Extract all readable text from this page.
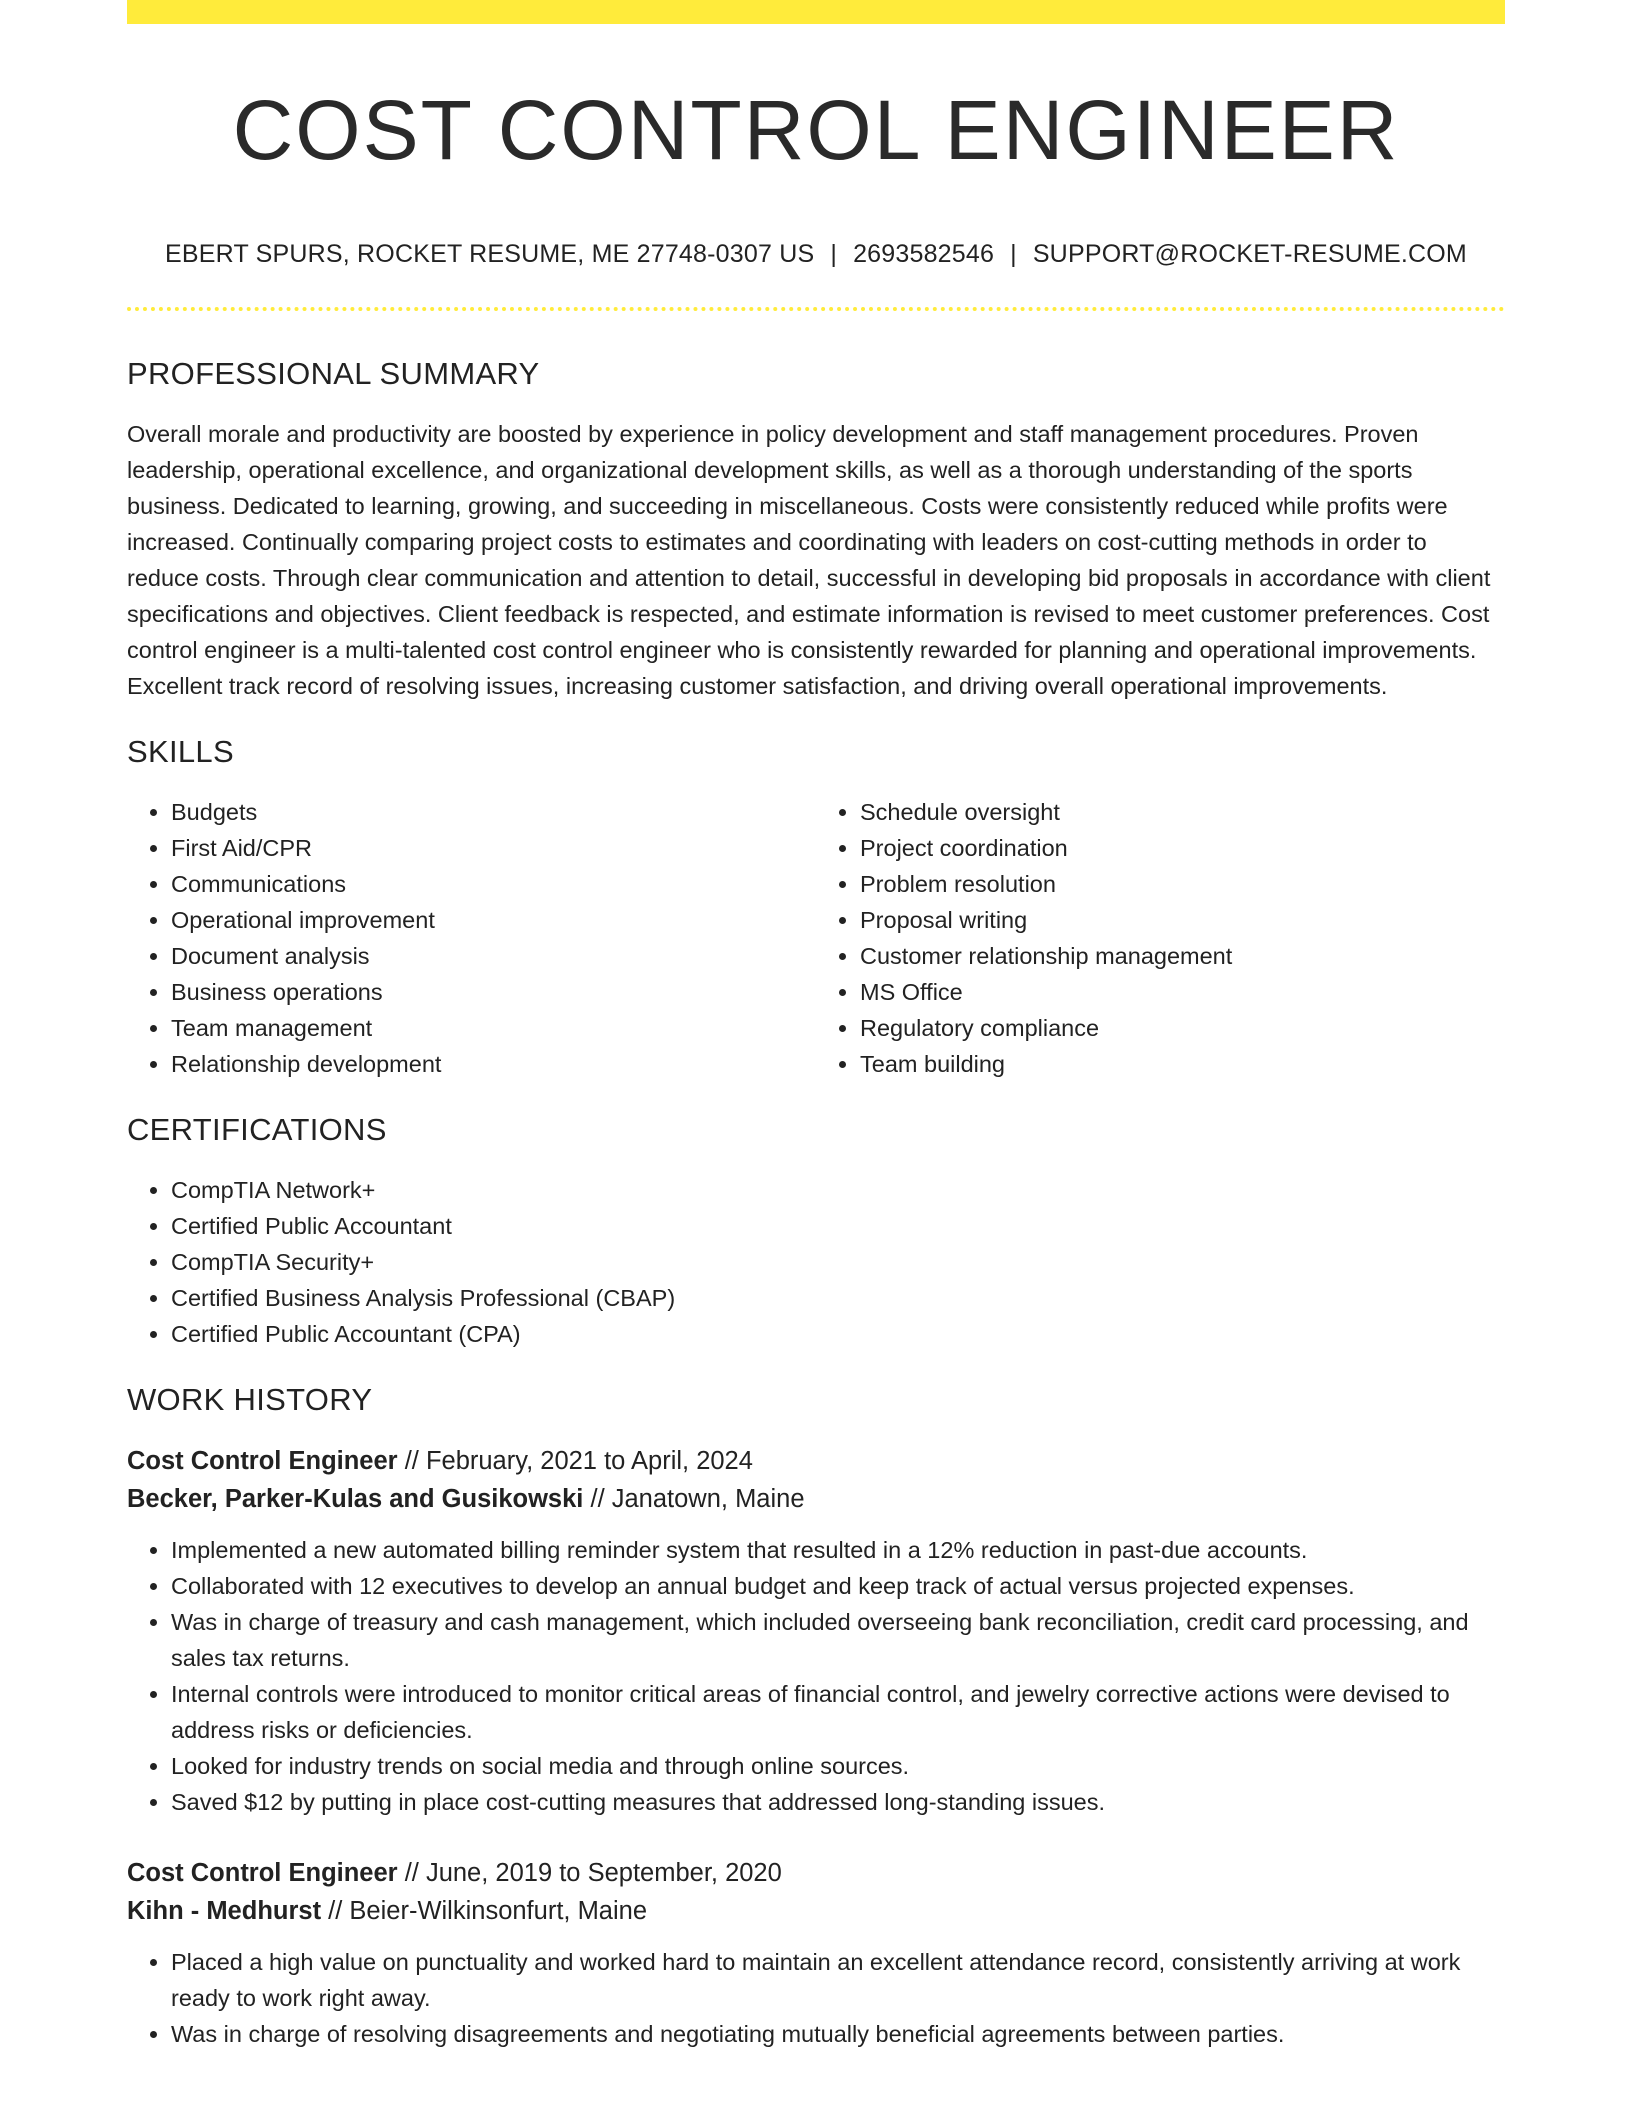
COST CONTROL ENGINEER
EBERT SPURS, ROCKET RESUME, ME 27748-0307 US | 2693582546 | SUPPORT@ROCKET-RESUME.COM
PROFESSIONAL SUMMARY

Overall morale and productivity are boosted by experience in policy development and staff management procedures. Proven leadership, operational excellence, and organizational development skills, as well as a thorough understanding of the sports business. Dedicated to learning, growing, and succeeding in miscellaneous. Costs were consistently reduced while profits were increased. Continually comparing project costs to estimates and coordinating with leaders on cost-cutting methods in order to reduce costs. Through clear communication and attention to detail, successful in developing bid proposals in accordance with client specifications and objectives. Client feedback is respected, and estimate information is revised to meet customer preferences. Cost control engineer is a multi-talented cost control engineer who is consistently rewarded for planning and operational improvements. Excellent track record of resolving issues, increasing customer satisfaction, and driving overall operational improvements.

SKILLS
• Budgets
• First Aid/CPR
• Communications
• Operational improvement
• Document analysis
• Business operations
• Team management
• Relationship development
• Schedule oversight
• Project coordination
• Problem resolution
• Proposal writing
• Customer relationship management
• MS Office
• Regulatory compliance
• Team building
CERTIFICATIONS
• CompTIA Network+
• Certified Public Accountant
• CompTIA Security+
• Certified Business Analysis Professional (CBAP)
• Certified Public Accountant (CPA)
WORK HISTORY
Cost Control Engineer // February, 2021 to April, 2024
Becker, Parker-Kulas and Gusikowski // Janatown, Maine
• Implemented a new automated billing reminder system that resulted in a 12% reduction in past-due accounts.
• Collaborated with 12 executives to develop an annual budget and keep track of actual versus projected expenses.
• Was in charge of treasury and cash management, which included overseeing bank reconciliation, credit card processing, and sales tax returns.
• Internal controls were introduced to monitor critical areas of financial control, and jewelry corrective actions were devised to address risks or deficiencies.
• Looked for industry trends on social media and through online sources.
• Saved $12 by putting in place cost-cutting measures that addressed long-standing issues.
Cost Control Engineer // June, 2019 to September, 2020
Kihn - Medhurst // Beier-Wilkinsonfurt, Maine
• Placed a high value on punctuality and worked hard to maintain an excellent attendance record, consistently arriving at work ready to work right away.
• Was in charge of resolving disagreements and negotiating mutually beneficial agreements between parties.
